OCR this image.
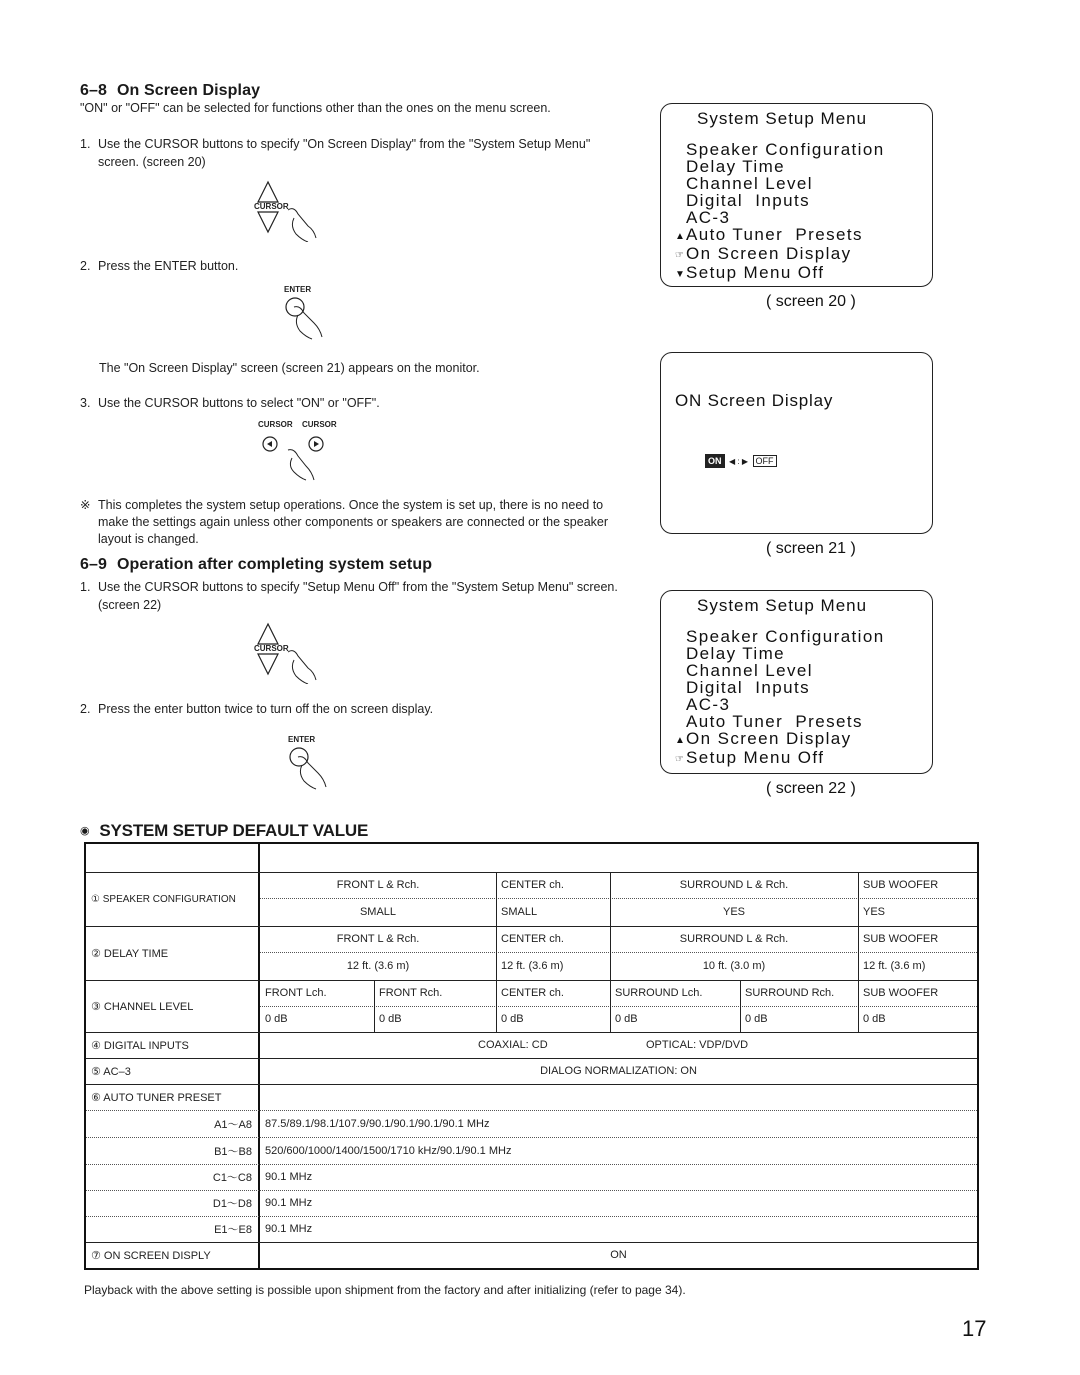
6–8 On Screen Display
"ON" or "OFF" can be selected for functions other than the ones on the menu screen.
1. Use the CURSOR buttons to specify "On Screen Display" from the "System Setup Menu" screen. (screen 20)
CURSOR
2. Press the ENTER button.
ENTER
The "On Screen Display" screen (screen 21) appears on the monitor.
3. Use the CURSOR buttons to select "ON" or "OFF".
CURSOR CURSOR
※ This completes the system setup operations. Once the system is set up, there is no need to make the settings again unless other components or speakers are connected or the speaker layout is changed.
6–9 Operation after completing system setup
1. Use the CURSOR buttons to specify "Setup Menu Off" from the "System Setup Menu" screen. (screen 22)
CURSOR
2. Press the enter button twice to turn off the on screen display.
ENTER
System Setup Menu
Speaker Configuration
Delay Time
Channel Level
Digital  Inputs
AC-3
▲Auto Tuner  Presets
☞On Screen Display
▼Setup Menu Off
( screen 20 )
ON Screen Display
ON ◀ : ▶ OFF
( screen 21 )
System Setup Menu
Speaker Configuration
Delay Time
Channel Level
Digital  Inputs
AC-3
Auto Tuner  Presets
▲On Screen Display
☞Setup Menu Off
( screen 22 )
◉ SYSTEM SETUP DEFAULT VALUE
① SPEAKER CONFIGURATION
FRONT L & Rch.	CENTER ch.	SURROUND L & Rch.	SUB WOOFER
SMALL	SMALL	YES	YES
② DELAY TIME
FRONT L & Rch.	CENTER ch.	SURROUND L & Rch.	SUB WOOFER
12 ft. (3.6 m)	12 ft. (3.6 m)	10 ft. (3.0 m)	12 ft. (3.6 m)
③ CHANNEL LEVEL
FRONT Lch.	FRONT Rch.	CENTER ch.	SURROUND Lch.	SURROUND Rch.	SUB WOOFER
0 dB	0 dB	0 dB	0 dB	0 dB	0 dB
④ DIGITAL INPUTS	COAXIAL: CD	OPTICAL: VDP/DVD
⑤ AC–3	DIALOG NORMALIZATION: ON
⑥ AUTO TUNER PRESET
A1～A8	87.5/89.1/98.1/107.9/90.1/90.1/90.1/90.1 MHz
B1～B8	520/600/1000/1400/1500/1710 kHz/90.1/90.1 MHz
C1～C8	90.1 MHz
D1～D8	90.1 MHz
E1～E8	90.1 MHz
⑦ ON SCREEN DISPLY	ON
Playback with the above setting is possible upon shipment from the factory and after initializing (refer to page 34).
17
